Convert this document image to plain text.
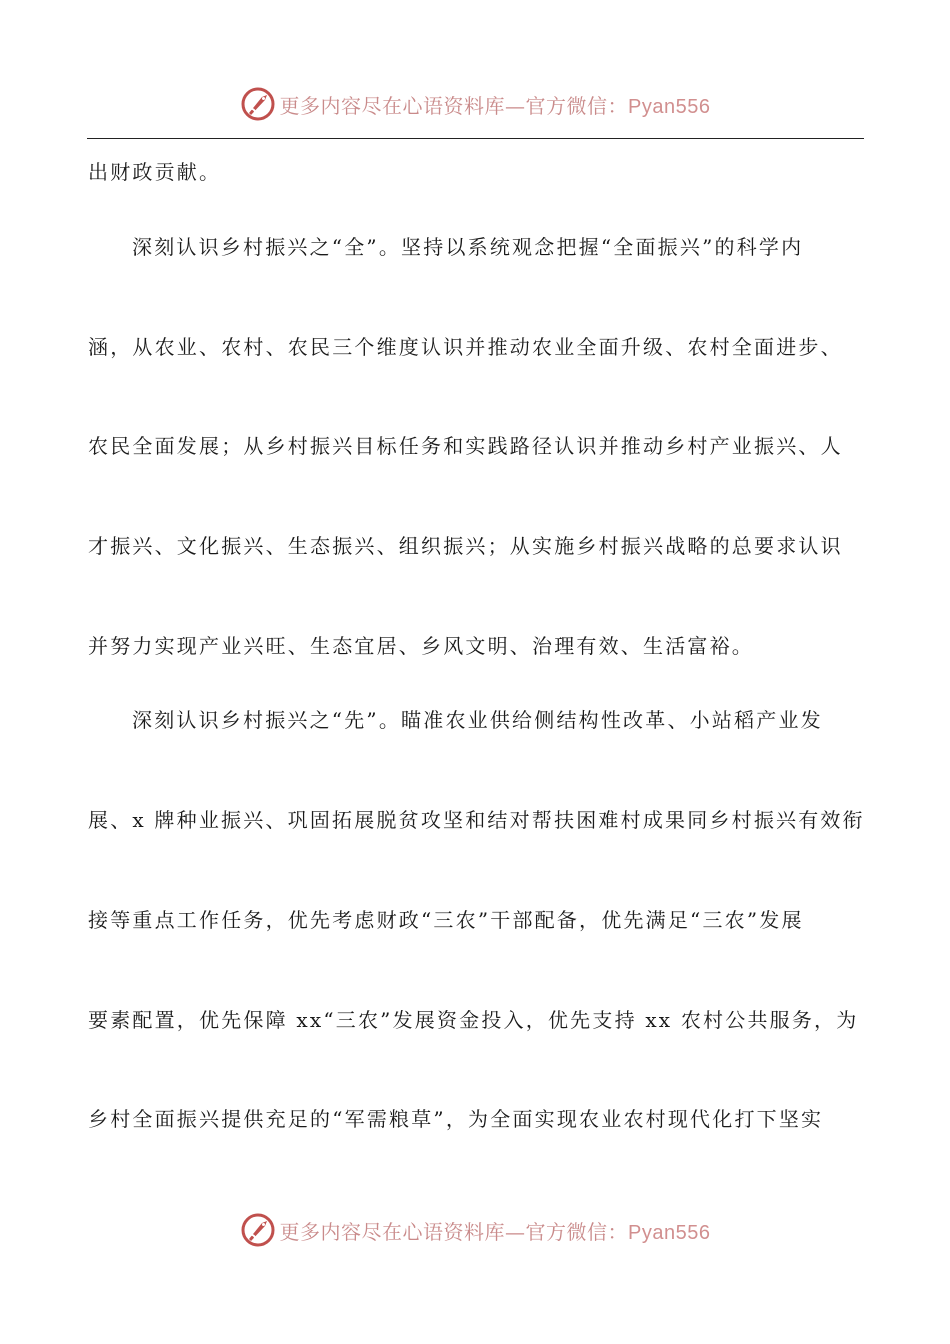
更多内容尽在心语资料库—官方微信：Pyan556
出财政贡献。
深刻认识乡村振兴之“全”。坚持以系统观念把握“全面振兴”的科学内
涵，从农业、农村、农民三个维度认识并推动农业全面升级、农村全面进步、
农民全面发展；从乡村振兴目标任务和实践路径认识并推动乡村产业振兴、人
才振兴、文化振兴、生态振兴、组织振兴；从实施乡村振兴战略的总要求认识
并努力实现产业兴旺、生态宜居、乡风文明、治理有效、生活富裕。
深刻认识乡村振兴之“先”。瞄准农业供给侧结构性改革、小站稻产业发
展、x 牌种业振兴、巩固拓展脱贫攻坚和结对帮扶困难村成果同乡村振兴有效衔
接等重点工作任务，优先考虑财政“三农”干部配备，优先满足“三农”发展
要素配置，优先保障 xx“三农”发展资金投入，优先支持 xx 农村公共服务，为
乡村全面振兴提供充足的“军需粮草”，为全面实现农业农村现代化打下坚实
更多内容尽在心语资料库—官方微信：Pyan556
